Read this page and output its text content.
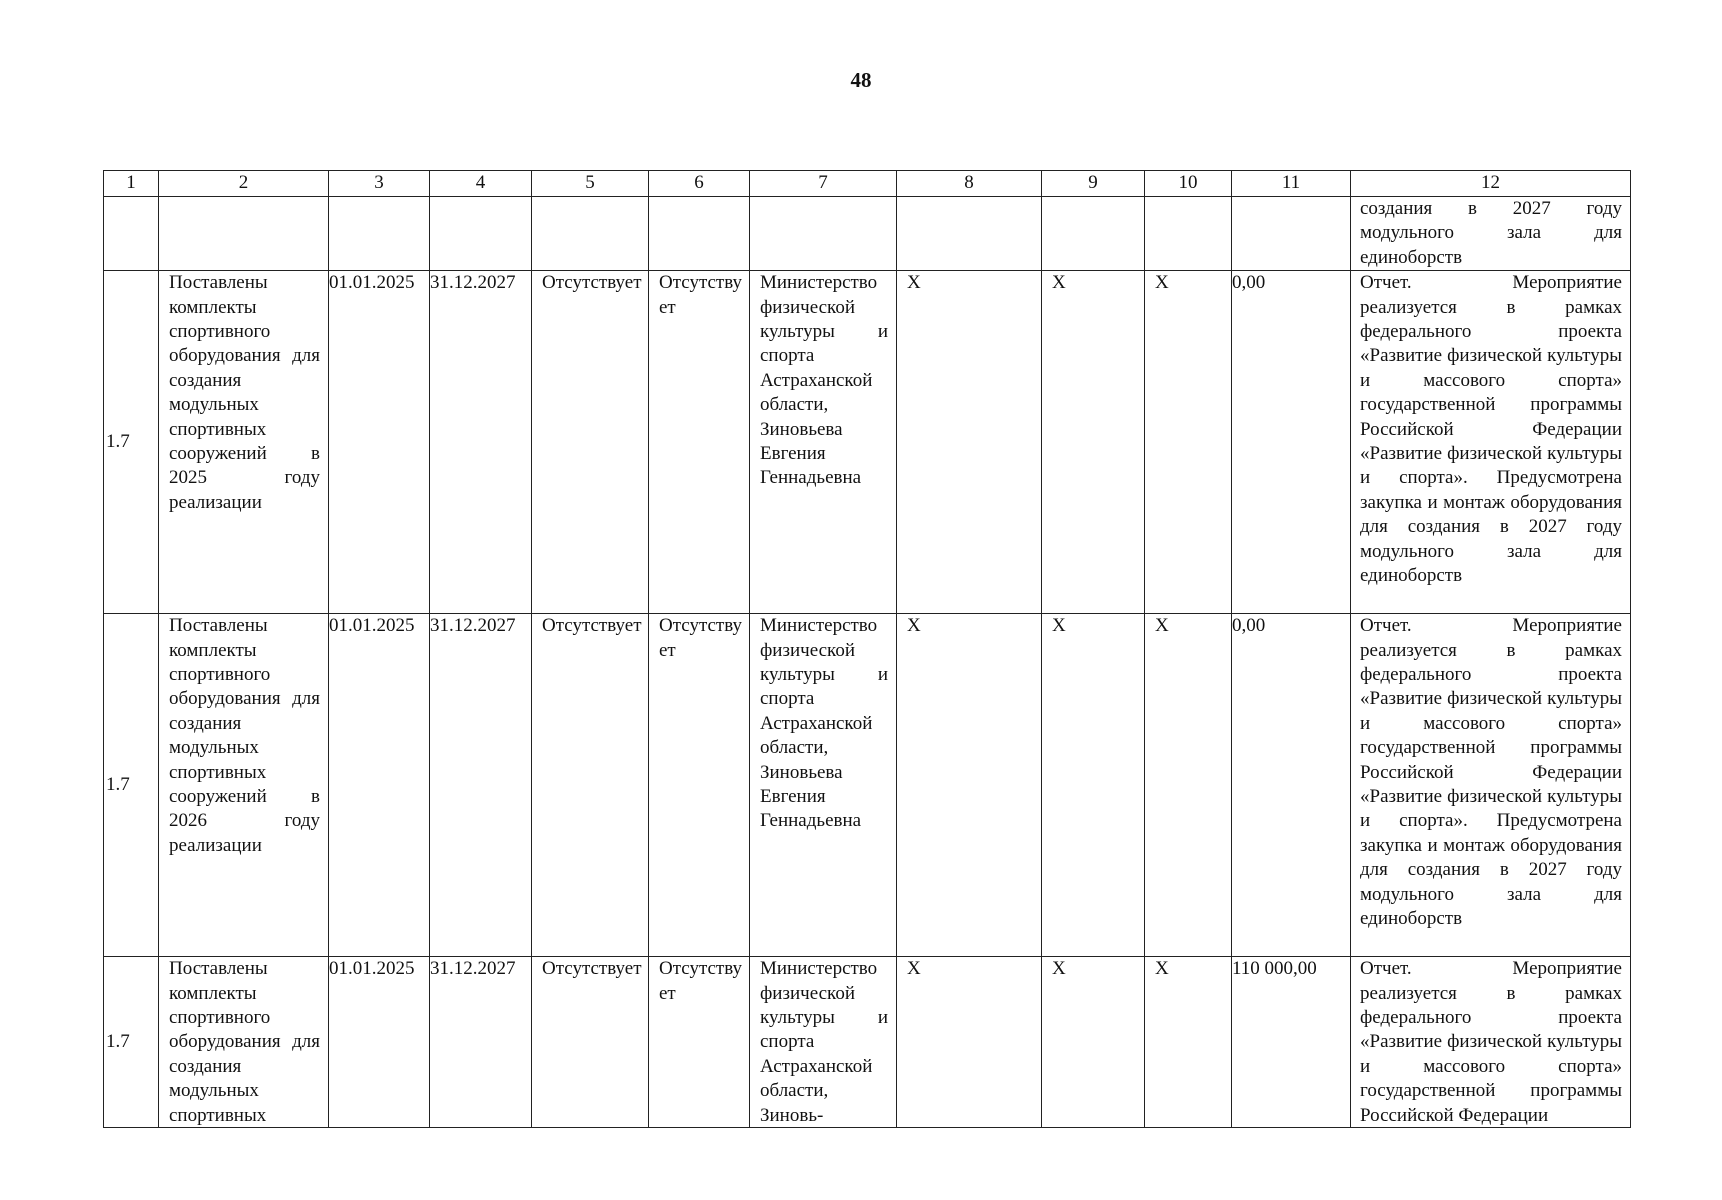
48
1	2	3	4	5	6	7	8	9	10	11	12
											создания в 2027 году модульного зала для единоборств
1.7	Поставлены комплекты спортивного оборудования для создания модульных спортивных сооружений в 2025 году реализации	01.01.2025	31.12.2027	Отсутствует	Отсутствует	Министерство физической культуры и спорта Астраханской области, Зиновьева Евгения Геннадьевна	X	X	X	0,00	Отчет. Мероприятие реализуется в рамках федерального проекта «Развитие физической культуры и массового спорта» государственной программы Российской Федерации «Развитие физической культуры и спорта». Предусмотрена закупка и монтаж оборудования для создания в 2027 году модульного зала для единоборств
1.7	Поставлены комплекты спортивного оборудования для создания модульных спортивных сооружений в 2026 году реализации	01.01.2025	31.12.2027	Отсутствует	Отсутствует	Министерство физической культуры и спорта Астраханской области, Зиновьева Евгения Геннадьевна	X	X	X	0,00	Отчет. Мероприятие реализуется в рамках федерального проекта «Развитие физической культуры и массового спорта» государственной программы Российской Федерации «Развитие физической культуры и спорта». Предусмотрена закупка и монтаж оборудования для создания в 2027 году модульного зала для единоборств
1.7	Поставлены комплекты спортивного оборудования для создания модульных спортивных	01.01.2025	31.12.2027	Отсутствует	Отсутствует	Министерство физической культуры и спорта Астраханской области, Зиновь-	X	X	X	110 000,00	Отчет. Мероприятие реализуется в рамках федерального проекта «Развитие физической культуры и массового спорта» государственной программы Российской Федерации
